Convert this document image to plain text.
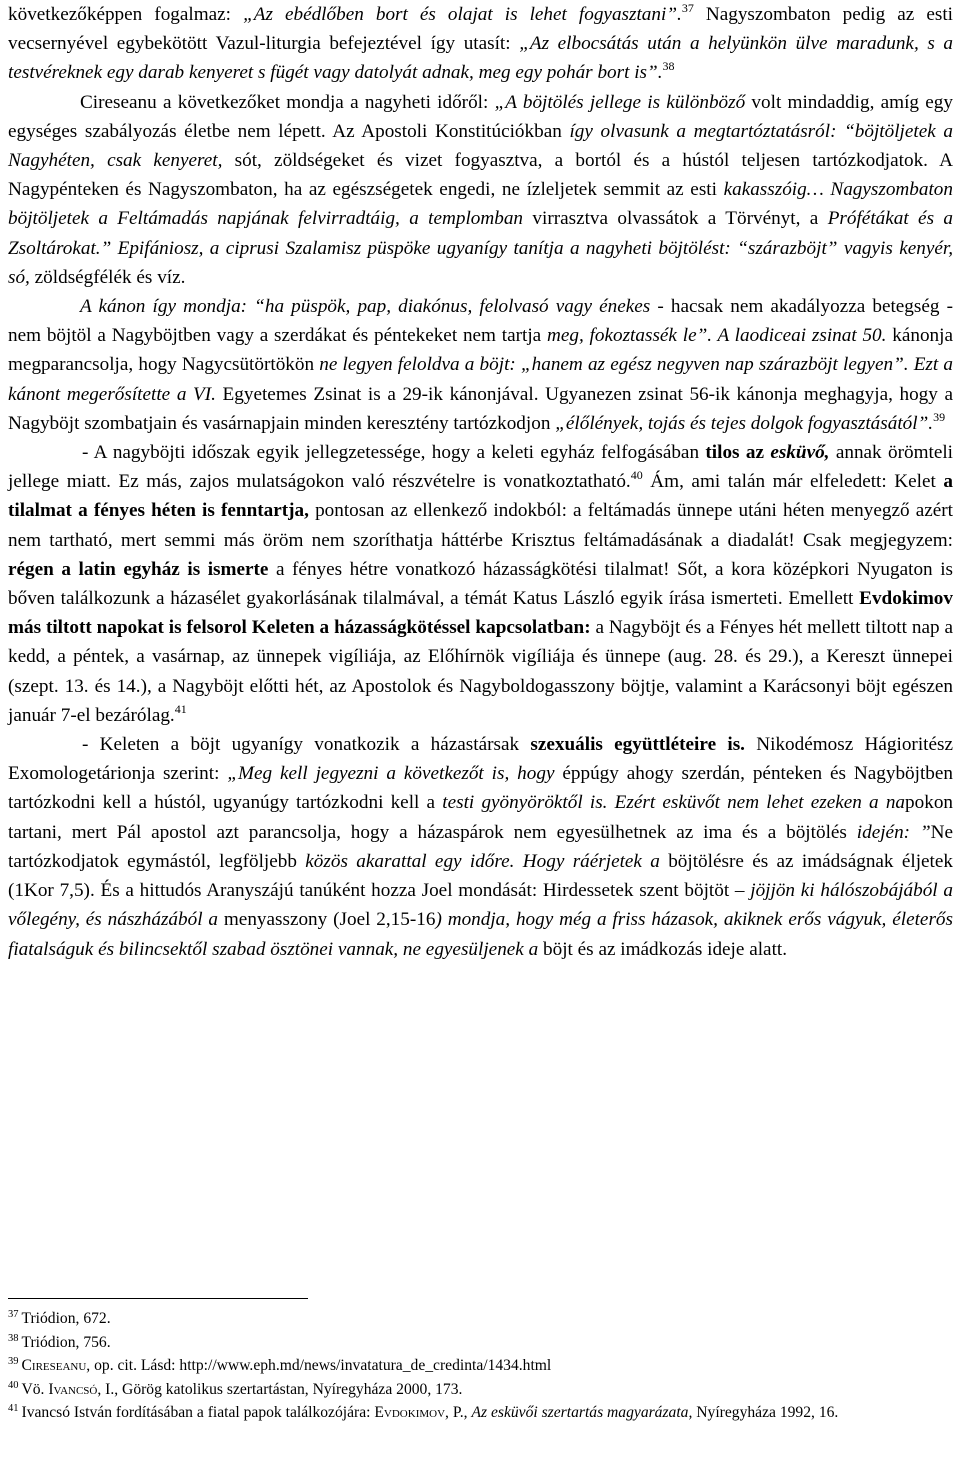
következőképpen fogalmaz: „Az ebédlőben bort és olajat is lehet fogyasztani”.$^{37}$ Nagyszombaton pedig az esti vecsernyével egybekötött Vazul-liturgia befejeztével így utasít: „Az elbocsátás után a helyünkön ülve maradunk, s a testvéreknek egy darab kenyeret s fügét vagy datolyát adnak, meg egy pohár bort is”.$^{38}$

Cireseanu a következőket mondja a nagyheti időről: „A böjtölés jellege is különböző volt mindaddig, amíg egy egységes szabályozás életbe nem lépett. Az Apostoli Konstitúciókban így olvasunk a megtartóztatásról: “böjtöljetek a Nagyhéten, csak kenyeret, sót, zöldségeket és vizet fogyasztva, a bortól és a hústól teljesen tartózkodjatok. A Nagypénteken és Nagyszombaton, ha az egészségetek engedi, ne ízleljetek semmit az esti kakasszóig… Nagyszombaton böjtöljetek a Feltámadás napjának felvirradtáig, a templomban virrasztva olvassátok a Törvényt, a Prófétákat és a Zsoltárokat.” Epifániosz, a ciprusi Szalamisz püspöke ugyanígy tanítja a nagyheti böjtölést: “szárazböjt” vagyis kenyér, só, zöldségfélék és víz.

A kánon így mondja: “ha püspök, pap, diakónus, felolvasó vagy énekes - hacsak nem akadályozza betegség - nem böjtöl a Nagyböjtben vagy a szerdákat és péntekeket nem tartja meg, fokoztassék le”. A laodiceai zsinat 50. kánonja megparancsolja, hogy Nagycsütörtökön ne legyen feloldva a böjt: „hanem az egész negyven nap szárazböjt legyen”. Ezt a kánont megerősítette a VI. Egyetemes Zsinat is a 29-ik kánonjával. Ugyanezen zsinat 56-ik kánonja meghagyja, hogy a Nagyböjt szombatjain és vasárnapjain minden keresztény tartózkodjon „élőlények, tojás és tejes dolgok fogyasztásától”.$^{39}$

- A nagyböjti időszak egyik jellegzetessége, hogy a keleti egyház felfogásában tilos az esküvő, annak örömteli jellege miatt. Ez más, zajos mulatságokon való részvételre is vonatkoztatható.$^{40}$ Ám, ami talán már elfeledett: Kelet a tilalmat a fényes héten is fenntartja, pontosan az ellenkező indokból: a feltámadás ünnepe utáni héten menyegző azért nem tartható, mert semmi más öröm nem szoríthatja háttérbe Krisztus feltámadásának a diadalát! Csak megjegyzem: régen a latin egyház is ismerte a fényes hétre vonatkozó házasságkötési tilalmat! Sőt, a kora középkori Nyugaton is bőven találkozunk a házasélet gyakorlásának tilalmával, a témát Katus László egyik írása ismerteti. Emellett Evdokimov más tiltott napokat is felsorol Keleten a házasságkötéssel kapcsolatban: a Nagyböjt és a Fényes hét mellett tiltott nap a kedd, a péntek, a vasárnap, az ünnepek vigíliája, az Előhírnök vigíliája és ünnepe (aug. 28. és 29.), a Kereszt ünnepei (szept. 13. és 14.), a Nagyböjt előtti hét, az Apostolok és Nagyboldogasszony böjtje, valamint a Karácsonyi böjt egészen január 7-el bezárólag.$^{41}$

- Keleten a böjt ugyanígy vonatkozik a házastársak szexuális együttléteire is. Nikodémosz Hágioritész Exomologetárionja szerint: „Meg kell jegyezni a következőt is, hogy éppúgy ahogy szerdán, pénteken és Nagyböjtben tartózkodni kell a hústól, ugyanúgy tartózkodni kell a testi gyönyöröktől is. Ezért esküvőt nem lehet ezeken a napokon tartani, mert Pál apostol azt parancsolja, hogy a házaspárok nem egyesülhetnek az ima és a böjtölés idején: ”Ne tartózkodjatok egymástól, legföljebb közös akarattal egy időre. Hogy ráérjetek a böjtölésre és az imádságnak éljetek (1Kor 7,5). És a hittudós Aranyszájú tanúként hozza Joel mondását: Hirdessetek szent böjtöt – jöjjön ki hálószobájából a vőlegény, és nászházából a menyasszony (Joel 2,15-16) mondja, hogy még a friss házasok, akiknek erős vágyuk, életerős fiatalságuk és bilincsektől szabad ösztönei vannak, ne egyesüljenek a böjt és az imádkozás ideje alatt.

$^{37}$ Triódion, 672.

$^{38}$ Triódion, 756.

$^{39}$ Cireseanu, op. cit. Lásd: http://www.eph.md/news/invatatura_de_credinta/1434.html

$^{40}$ Vö. Ivancsó, I., Görög katolikus szertartástan, Nyíregyháza 2000, 173.

$^{41}$ Ivancsó István fordításában a fiatal papok találkozójára: Evdokimov, P., Az esküvői szertartás magyarázata, Nyíregyháza 1992, 16.
